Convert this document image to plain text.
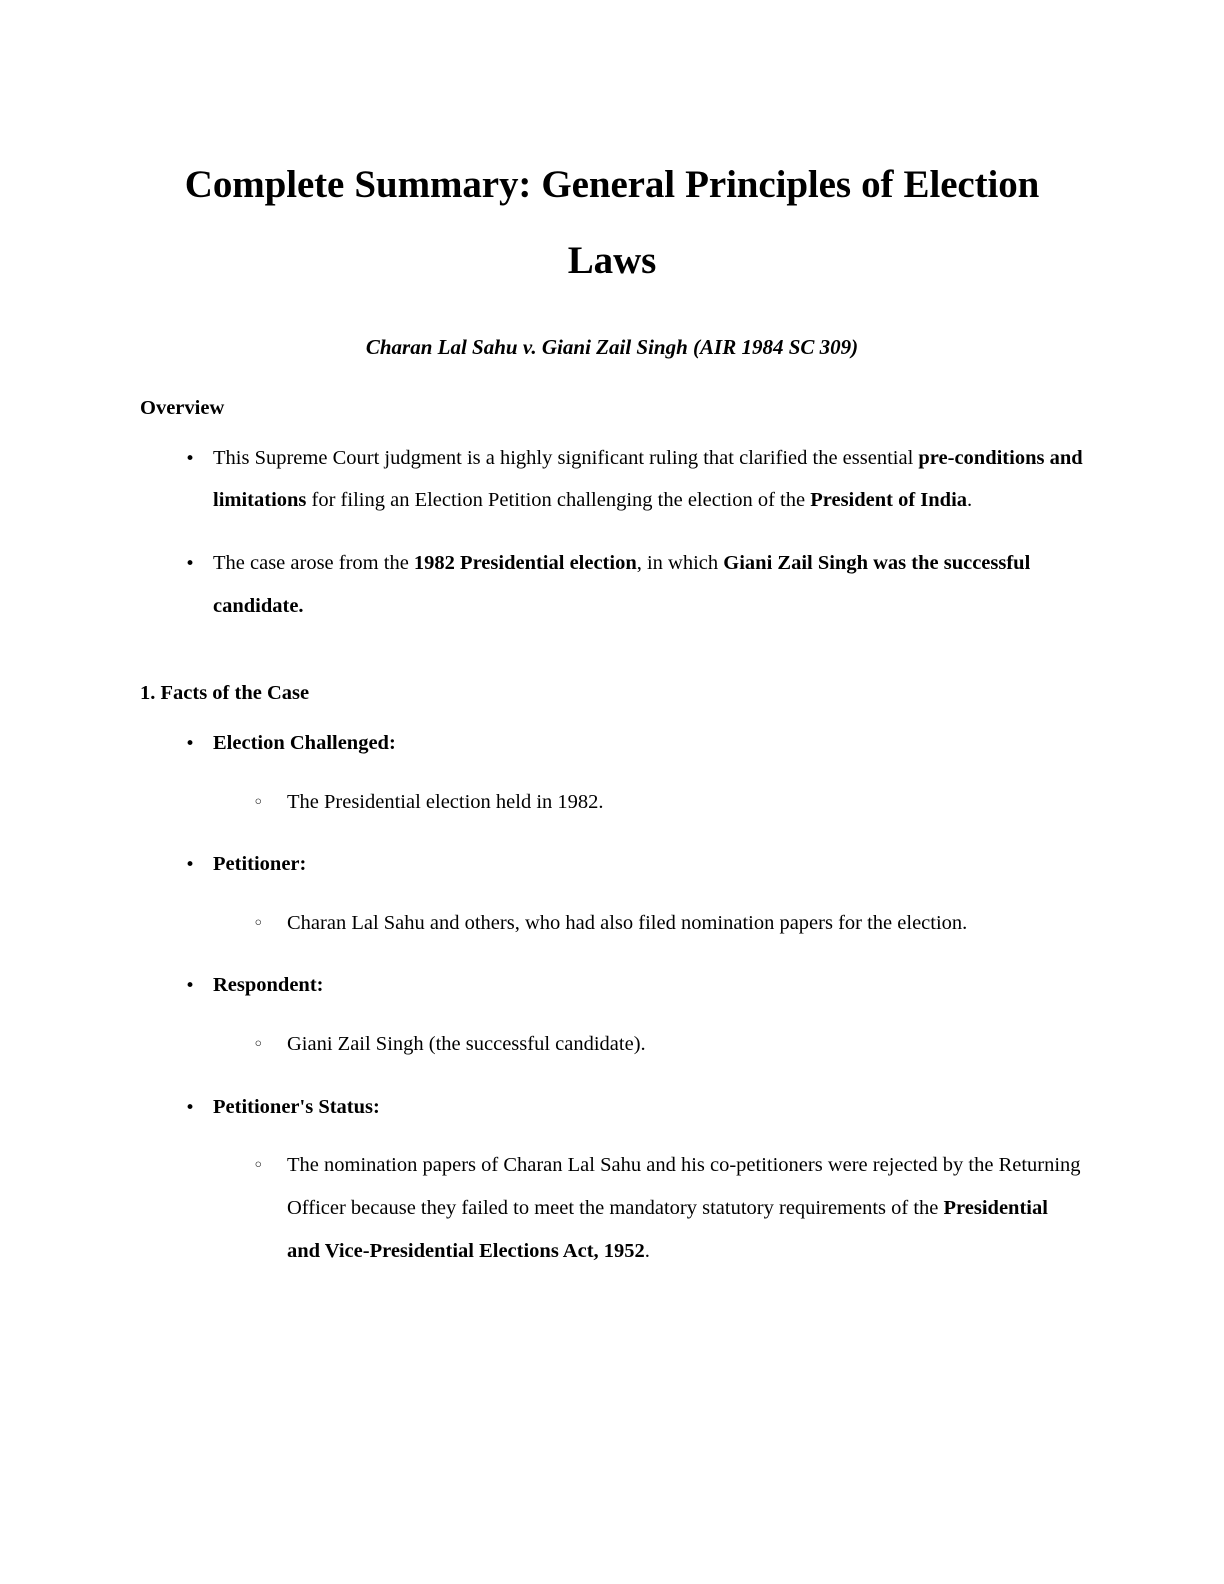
Complete Summary: General Principles of Election Laws

Charan Lal Sahu v. Giani Zail Singh (AIR 1984 SC 309)

Overview
•
This Supreme Court judgment is a highly significant ruling that clarified the essential pre-conditions and limitations for filing an Election Petition challenging the election of the President of India.
•
The case arose from the 1982 Presidential election, in which Giani Zail Singh was the successful candidate.
1. Facts of the Case
•
Election Challenged:
◦
The Presidential election held in 1982.
•
Petitioner:
◦
Charan Lal Sahu and others, who had also filed nomination papers for the election.
•
Respondent:
◦
Giani Zail Singh (the successful candidate).
•
Petitioner's Status:
◦
The nomination papers of Charan Lal Sahu and his co-petitioners were rejected by the Returning Officer because they failed to meet the mandatory statutory requirements of the Presidential and Vice-Presidential Elections Act, 1952.
